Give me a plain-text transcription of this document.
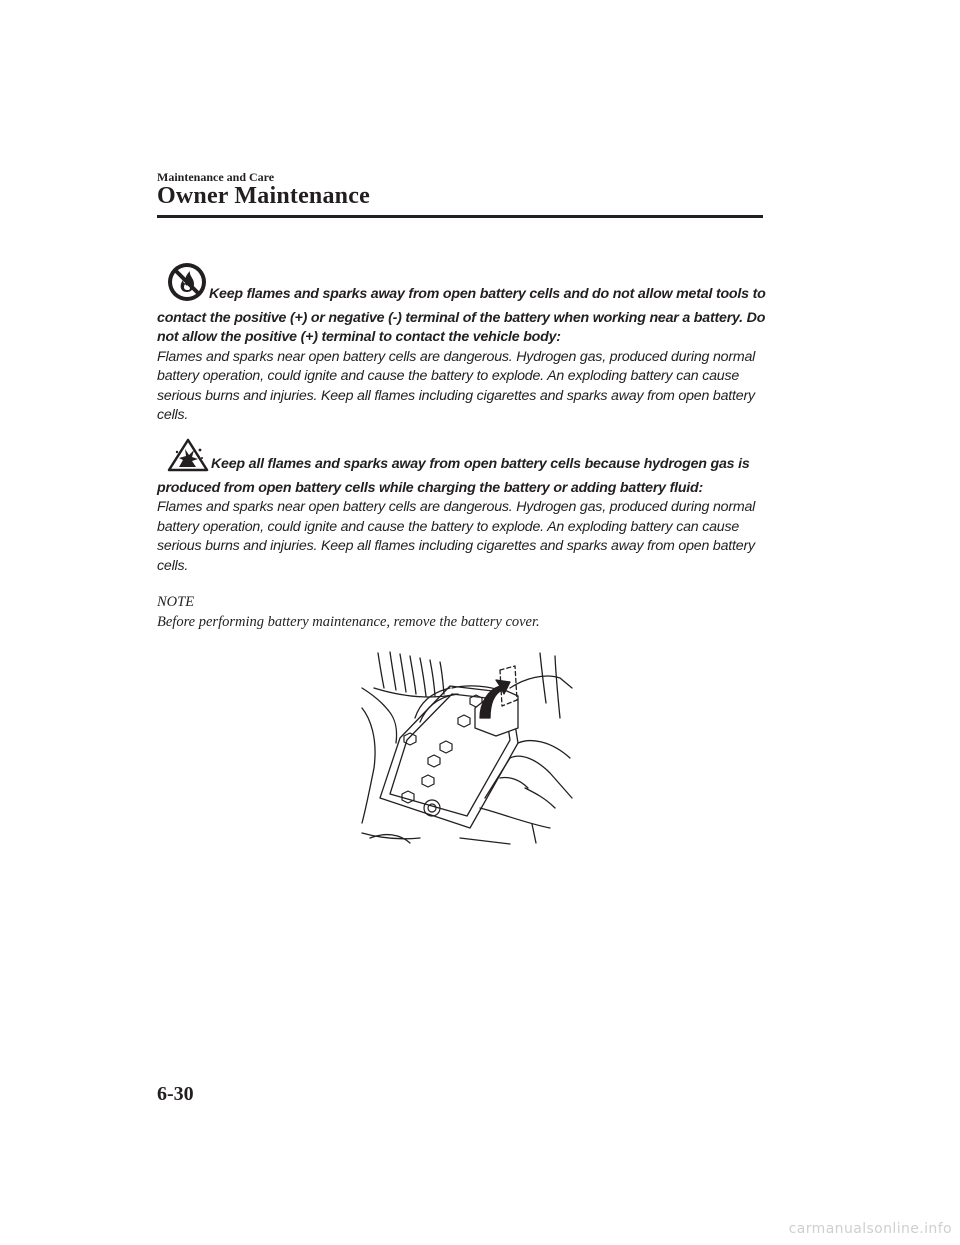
Maintenance and Care
Owner Maintenance
Keep flames and sparks away from open battery cells and do not allow metal tools to contact the positive (+) or negative (-) terminal of the battery when working near a battery. Do not allow the positive (+) terminal to contact the vehicle body:
Flames and sparks near open battery cells are dangerous. Hydrogen gas, produced during normal battery operation, could ignite and cause the battery to explode. An exploding battery can cause serious burns and injuries. Keep all flames including cigarettes and sparks away from open battery cells.
Keep all flames and sparks away from open battery cells because hydrogen gas is produced from open battery cells while charging the battery or adding battery fluid:
Flames and sparks near open battery cells are dangerous. Hydrogen gas, produced during normal battery operation, could ignite and cause the battery to explode. An exploding battery can cause serious burns and injuries. Keep all flames including cigarettes and sparks away from open battery cells.
NOTE
Before performing battery maintenance, remove the battery cover.
6-30
carmanualsonline.info
